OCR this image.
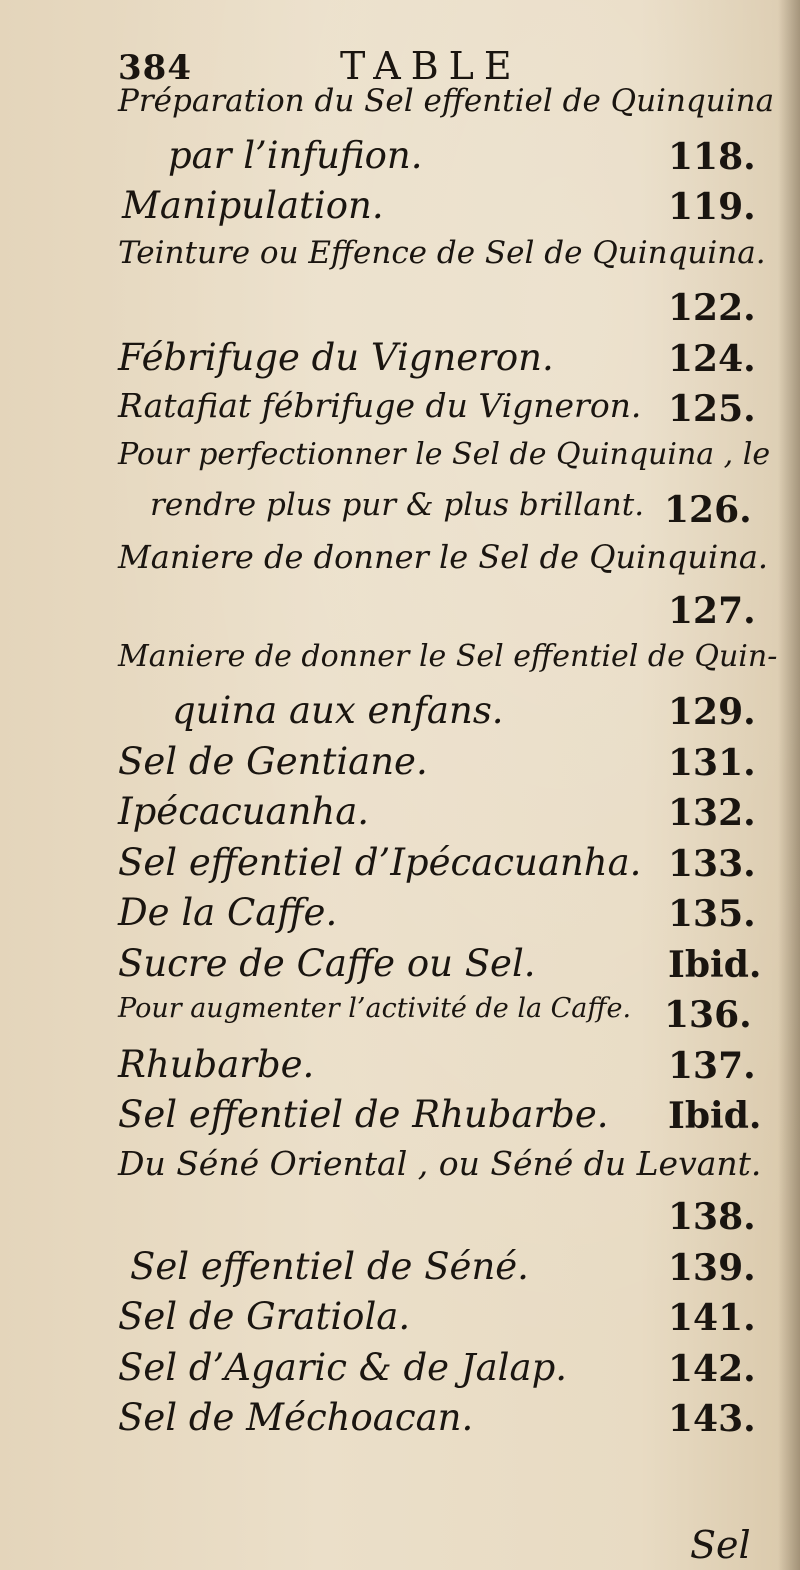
384	TABLE
Préparation du Sel effentiel de Quinquina
par l’infufion.	118.
Manipulation.	119.
Teinture ou Effence de Sel de Quinquina.
122.
Fébrifuge du Vigneron.	124.
Ratafiat fébrifuge du Vigneron. 125.
Pour perfectionner le Sel de Quinquina , le
rendre plus pur & plus brillant. 126.
Maniere de donner le Sel de Quinquina.
127.
Maniere de donner le Sel effentiel de Quin-
quina aux enfans.	129.
Sel de Gentiane.	131.
Ipécacuanha.	132.
Sel effentiel d’Ipécacuanha. 133.
De la Caffe.	135.
Sucre de Caffe ou Sel.	Ibid.
Pour augmenter l’activité de la Caffe. 136.
Rhubarbe.	137.
Sel effentiel de Rhubarbe. Ibid.
Du Séné Oriental , ou Séné du Levant.
138.
Sel effentiel de Séné.	139.
Sel de Gratiola.	141.
Sel d’Agaric & de Jalap.	142.
Sel de Méchoacan.	143.
Sel
